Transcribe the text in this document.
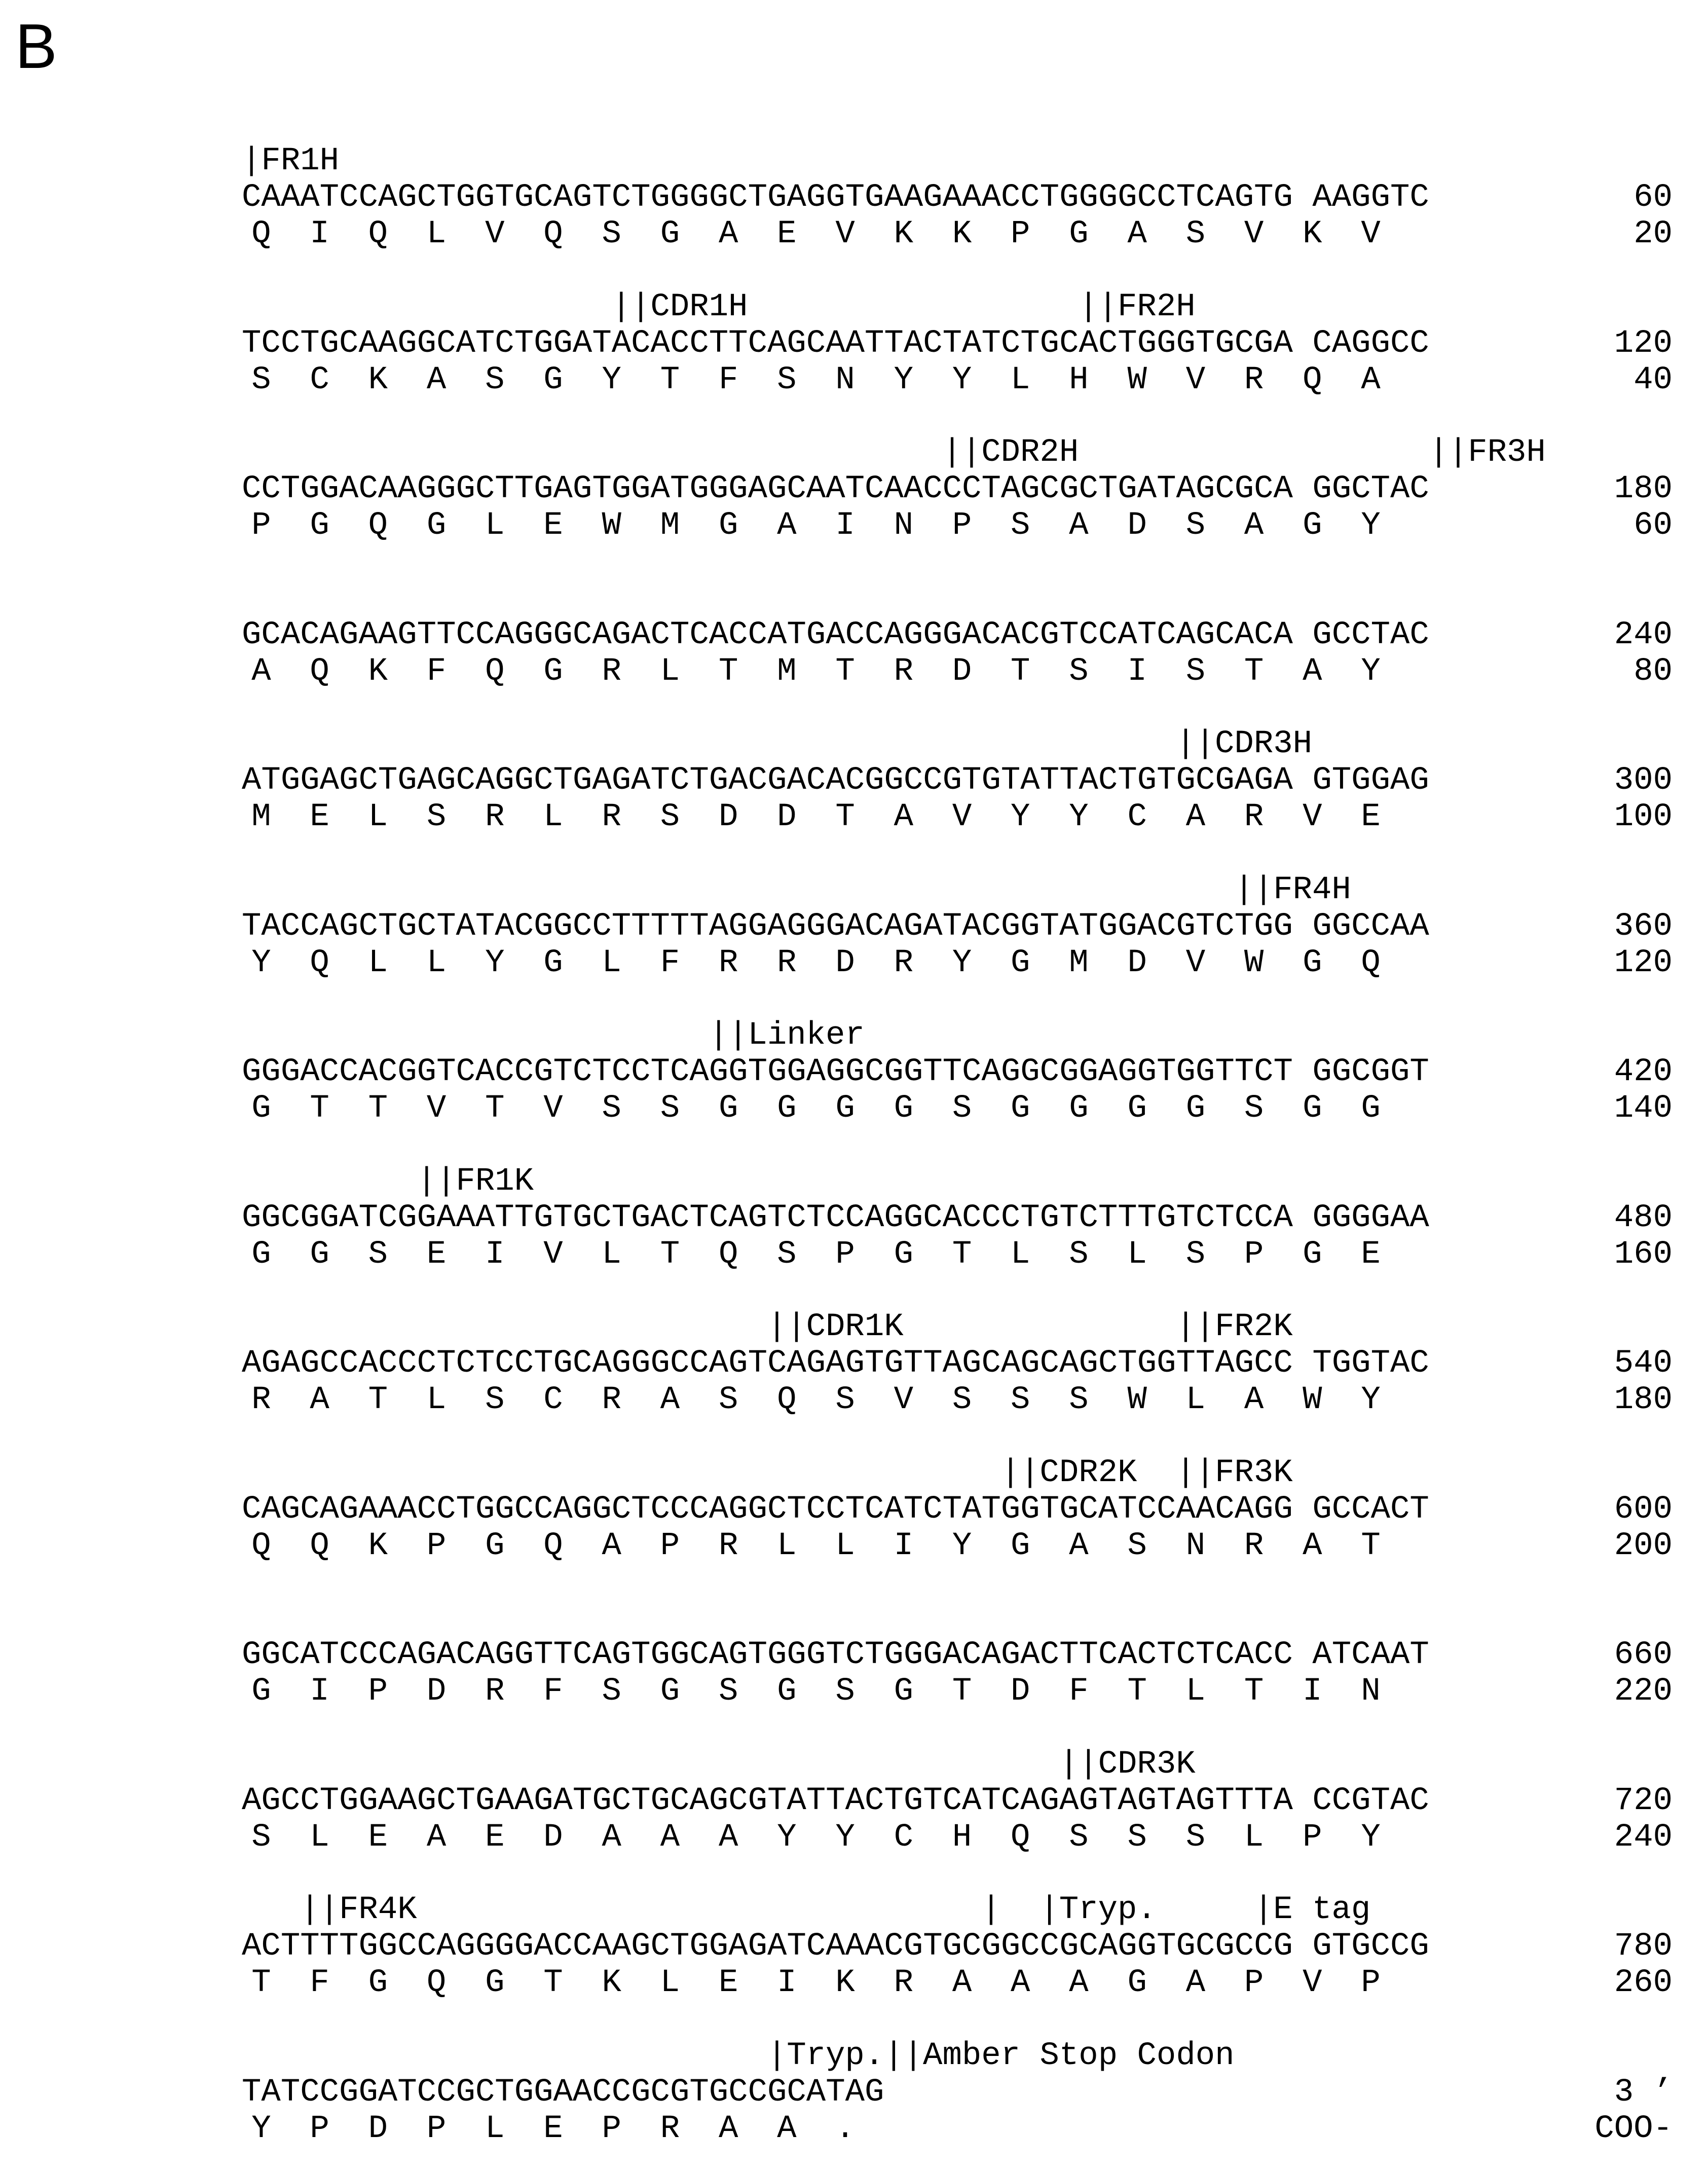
B
|FR1H
CAAATCCAGCTGGTGCAGTCTGGGGCTGAGGTGAAGAAACCTGGGGCCTCAGTG AAGGTC	60
Q  I  Q  L  V  Q  S  G  A  E  V  K  K  P  G  A  S  V  K  V	20
||CDR1H	||FR2H
TCCTGCAAGGCATCTGGATACACCTTCAGCAATTACTATCTGCACTGGGTGCGA CAGGCC	120
S  C  K  A  S  G  Y  T  F  S  N  Y  Y  L  H  W  V  R  Q  A	40
||CDR2H	||FR3H
CCTGGACAAGGGCTTGAGTGGATGGGAGCAATCAACCCTAGCGCTGATAGCGCA GGCTAC	180
P  G  Q  G  L  E  W  M  G  A  I  N  P  S  A  D  S  A  G  Y	60
GCACAGAAGTTCCAGGGCAGACTCACCATGACCAGGGACACGTCCATCAGCACA GCCTAC	240
A  Q  K  F  Q  G  R  L  T  M  T  R  D  T  S  I  S  T  A  Y	80
||CDR3H
ATGGAGCTGAGCAGGCTGAGATCTGACGACACGGCCGTGTATTACTGTGCGAGA GTGGAG	300
M  E  L  S  R  L  R  S  D  D  T  A  V  Y  Y  C  A  R  V  E	100
||FR4H
TACCAGCTGCTATACGGCCTTTTTAGGAGGGACAGATACGGTATGGACGTCTGG GGCCAA	360
Y  Q  L  L  Y  G  L  F  R  R  D  R  Y  G  M  D  V  W  G  Q	120
||Linker
GGGACCACGGTCACCGTCTCCTCAGGTGGAGGCGGTTCAGGCGGAGGTGGTTCT GGCGGT	420
G  T  T  V  T  V  S  S  G  G  G  G  S  G  G  G  G  S  G  G	140
||FR1K
GGCGGATCGGAAATTGTGCTGACTCAGTCTCCAGGCACCCTGTCTTTGTCTCCA GGGGAA	480
G  G  S  E  I  V  L  T  Q  S  P  G  T  L  S  L  S  P  G  E	160
||CDR1K	||FR2K
AGAGCCACCCTCTCCTGCAGGGCCAGTCAGAGTGTTAGCAGCAGCTGGTTAGCC TGGTAC	540
R  A  T  L  S  C  R  A  S  Q  S  V  S  S  S  W  L  A  W  Y	180
||CDR2K ||FR3K
CAGCAGAAACCTGGCCAGGCTCCCAGGCTCCTCATCTATGGTGCATCCAACAGG GCCACT	600
Q  Q  K  P  G  Q  A  P  R  L  L  I  Y  G  A  S  N  R  A  T	200
GGCATCCCAGACAGGTTCAGTGGCAGTGGGTCTGGGACAGACTTCACTCTCACC ATCAAT	660
G  I  P  D  R  F  S  G  S  G  S  G  T  D  F  T  L  T  I  N	220
||CDR3K
AGCCTGGAAGCTGAAGATGCTGCAGCGTATTACTGTCATCAGAGTAGTAGTTTA CCGTAC	720
S  L  E  A  E  D  A  A  A  Y  Y  C  H  Q  S  S  S  L  P  Y	240
||FR4K	| |Tryp.	|E tag
ACTTTTGGCCAGGGGACCAAGCTGGAGATCAAACGTGCGGCCGCAGGTGCGCCG GTGCCG	780
T  F  G  Q  G  T  K  L  E  I  K  R  A  A  A  G  A  P  V  P	260
|Tryp.||Amber Stop Codon
TATCCGGATCCGCTGGAACCGCGTGCCGCATAG	3 ’
Y  P  D  P  L  E  P  R  A  A  .	COO-
